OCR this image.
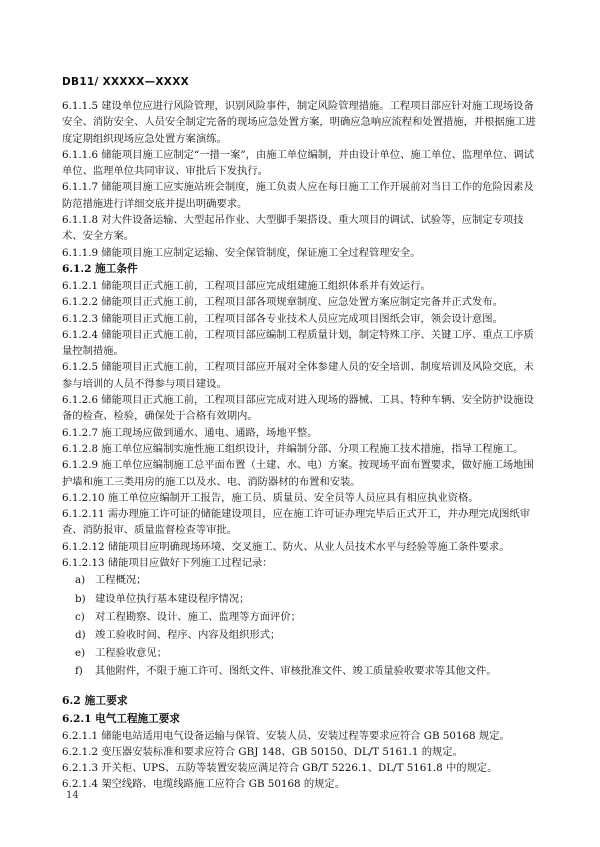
DB11/ XXXXX—XXXX

6.1.1.5 建设单位应进行风险管理，识别风险事件，制定风险管理措施。工程项目部应针对施工现场设备安全、消防安全、人员安全制定完备的现场应急处置方案，明确应急响应流程和处置措施，并根据施工进度定期组织现场应急处置方案演练。

6.1.1.6 储能项目施工应制定“一措一案”，由施工单位编制，并由设计单位、施工单位、监理单位、调试单位、监理单位共同审议、审批后下发执行。

6.1.1.7 储能项目施工应实施站班会制度，施工负责人应在每日施工工作开展前对当日工作的危险因素及防范措施进行详细交底并提出明确要求。

6.1.1.8 对大件设备运输、大型起吊作业、大型脚手架搭设、重大项目的调试、试验等，应制定专项技术、安全方案。

6.1.1.9 储能项目施工应制定运输、安全保管制度，保证施工全过程管理安全。

6.1.2 施工条件

6.1.2.1 储能项目正式施工前，工程项目部应完成组建施工组织体系并有效运行。

6.1.2.2 储能项目正式施工前，工程项目部各项规章制度、应急处置方案应制定完备并正式发布。

6.1.2.3 储能项目正式施工前，工程项目部各专业技术人员应完成项目图纸会审，领会设计意图。

6.1.2.4 储能项目正式施工前，工程项目部应编制工程质量计划，制定特殊工序、关键工序、重点工序质量控制措施。

6.1.2.5 储能项目正式施工前，工程项目部应开展对全体参建人员的安全培训、制度培训及风险交底，未参与培训的人员不得参与项目建设。

6.1.2.6 储能项目正式施工前，工程项目部应完成对进入现场的器械、工具、特种车辆、安全防护设施设备的检查、检验，确保处于合格有效期内。

6.1.2.7 施工现场应做到通水、通电、通路，场地平整。

6.1.2.8 施工单位应编制实施性施工组织设计，并编制分部、分项工程施工技术措施，指导工程施工。

6.1.2.9 施工单位应编制施工总平面布置（土建、水、电）方案。按现场平面布置要求，做好施工场地围护墙和施工三类用房的施工以及水、电、消防器材的布置和安装。

6.1.2.10 施工单位应编制开工报告，施工员、质量员、安全员等人员应具有相应执业资格。

6.1.2.11 需办理施工许可证的储能建设项目，应在施工许可证办理完毕后正式开工，并办理完成图纸审查、消防报审、质量监督检查等审批。

6.1.2.12 储能项目应明确现场环境、交叉施工、防火、从业人员技术水平与经验等施工条件要求。

6.1.2.13 储能项目应做好下列施工过程记录：

a) 工程概况；
b) 建设单位执行基本建设程序情况；
c) 对工程勘察、设计、施工、监理等方面评价；
d) 竣工验收时间、程序、内容及组织形式；
e) 工程验收意见；
f)	其他附件，不限于施工许可、图纸文件、审核批准文件、竣工质量验收要求等其他文件。
6.2 施工要求
6.2.1 电气工程施工要求

6.2.1.1 储能电站适用电气设备运输与保管、安装人员、安装过程等要求应符合 GB 50168 规定。

6.2.1.2 变压器安装标准和要求应符合 GBJ 148、GB 50150、DL/T 5161.1 的规定。

6.2.1.3 开关柜、UPS、五防等装置安装应满足符合 GB/T 5226.1、DL/T 5161.8 中的规定。

6.2.1.4 架空线路、电缆线路施工应符合 GB 50168 的规定。

14
